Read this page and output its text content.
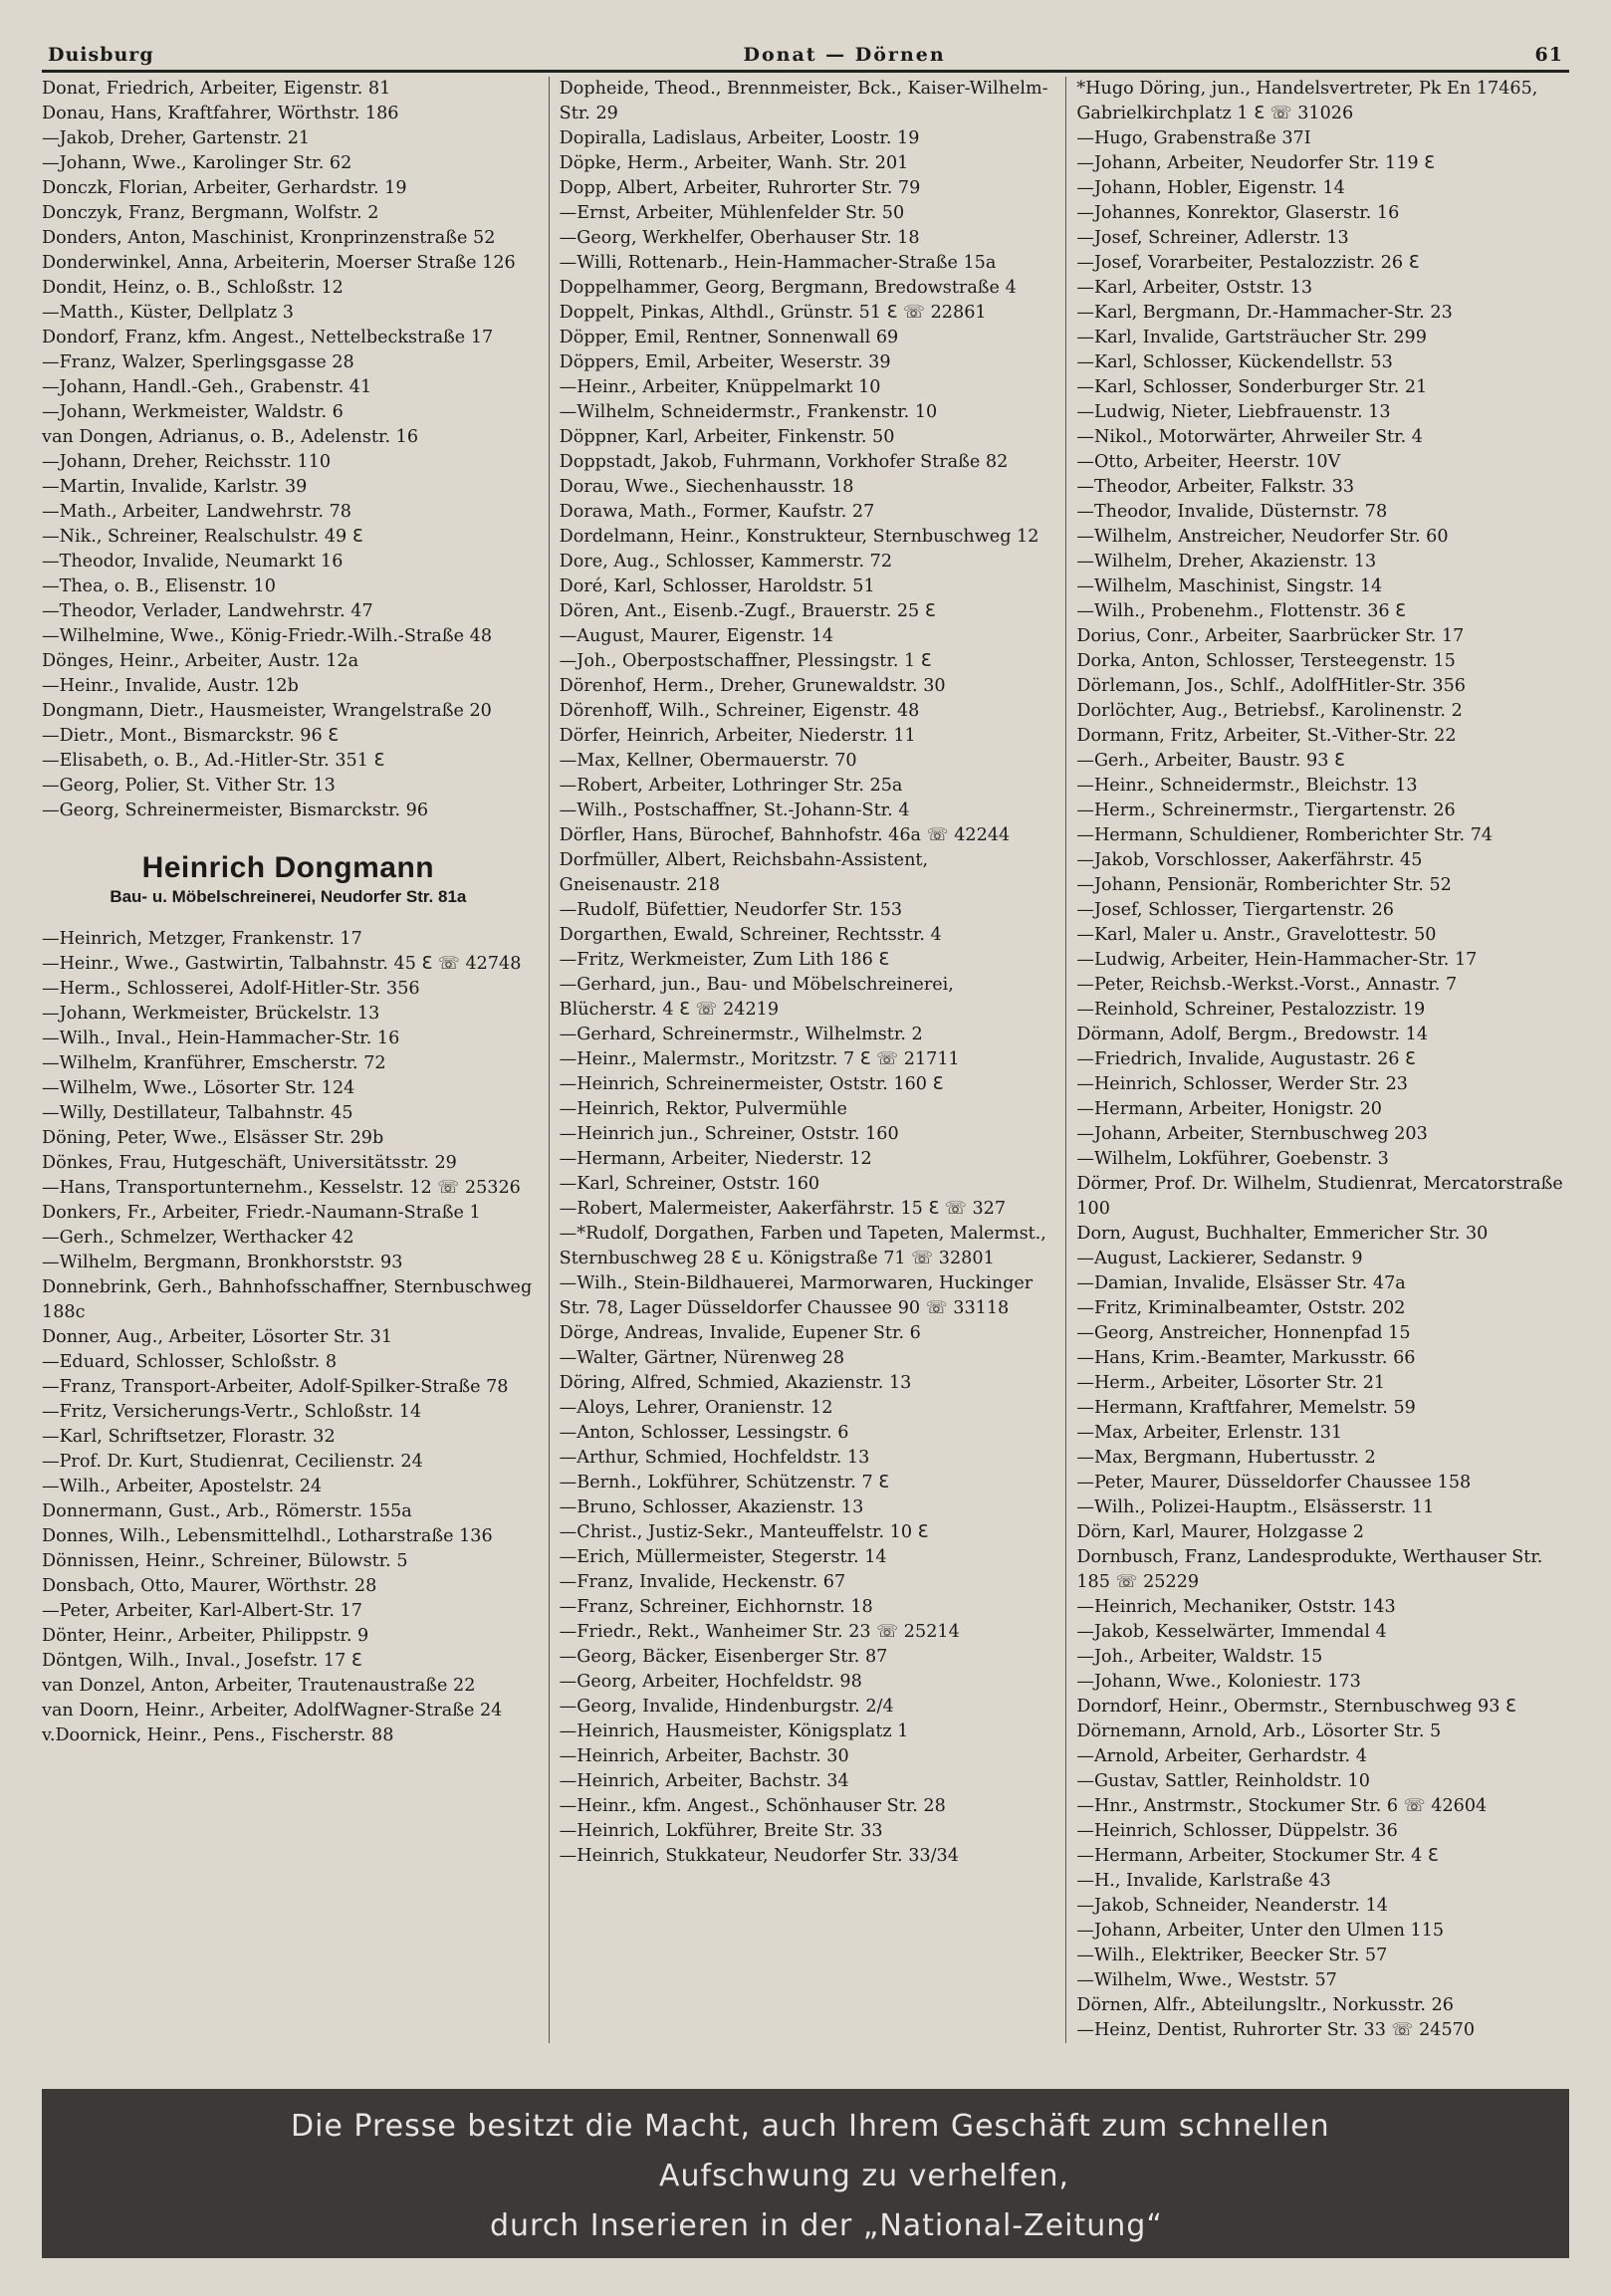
Duisburg	Donat — Dörnen	61

Donat, Friedrich, Arbeiter, Eigenstr. 81

Donau, Hans, Kraftfahrer, Wörthstr. 186

—Jakob, Dreher, Gartenstr. 21

—Johann, Wwe., Karolinger Str. 62

Donczk, Florian, Arbeiter, Gerhardstr. 19

Donczyk, Franz, Bergmann, Wolfstr. 2

Donders, Anton, Maschinist, Kronprinzenstraße 52

Donderwinkel, Anna, Arbeiterin, Moerser Straße 126

Dondit, Heinz, o. B., Schloßstr. 12

—Matth., Küster, Dellplatz 3

Dondorf, Franz, kfm. Angest., Nettelbeckstraße 17

—Franz, Walzer, Sperlingsgasse 28

—Johann, Handl.-Geh., Grabenstr. 41

—Johann, Werkmeister, Waldstr. 6

van Dongen, Adrianus, o. B., Adelenstr. 16

—Johann, Dreher, Reichsstr. 110

—Martin, Invalide, Karlstr. 39

—Math., Arbeiter, Landwehrstr. 78

—Nik., Schreiner, Realschulstr. 49 ℇ

—Theodor, Invalide, Neumarkt 16

—Thea, o. B., Elisenstr. 10

—Theodor, Verlader, Landwehrstr. 47

—Wilhelmine, Wwe., König-Friedr.-Wilh.-Straße 48

Dönges, Heinr., Arbeiter, Austr. 12a

—Heinr., Invalide, Austr. 12b

Dongmann, Dietr., Hausmeister, Wrangelstraße 20

—Dietr., Mont., Bismarckstr. 96 ℇ

—Elisabeth, o. B., Ad.-Hitler-Str. 351 ℇ

—Georg, Polier, St. Vither Str. 13

—Georg, Schreinermeister, Bismarckstr. 96

Heinrich Dongmann
Bau- u. Möbelschreinerei, Neudorfer Str. 81a

—Heinrich, Metzger, Frankenstr. 17

—Heinr., Wwe., Gastwirtin, Talbahnstr. 45 ℇ ☏ 42748

—Herm., Schlosserei, Adolf-Hitler-Str. 356

—Johann, Werkmeister, Brückelstr. 13

—Wilh., Inval., Hein-Hammacher-Str. 16

—Wilhelm, Kranführer, Emscherstr. 72

—Wilhelm, Wwe., Lösorter Str. 124

—Willy, Destillateur, Talbahnstr. 45

Döning, Peter, Wwe., Elsässer Str. 29b

Dönkes, Frau, Hutgeschäft, Universitätsstr. 29

—Hans, Transportunternehm., Kesselstr. 12 ☏ 25326

Donkers, Fr., Arbeiter, Friedr.-Naumann-Straße 1

—Gerh., Schmelzer, Werthacker 42

—Wilhelm, Bergmann, Bronkhorststr. 93

Donnebrink, Gerh., Bahnhofsschaffner, Sternbuschweg 188c

Donner, Aug., Arbeiter, Lösorter Str. 31

—Eduard, Schlosser, Schloßstr. 8

—Franz, Transport-Arbeiter, Adolf-Spilker-Straße 78

—Fritz, Versicherungs-Vertr., Schloßstr. 14

—Karl, Schriftsetzer, Florastr. 32

—Prof. Dr. Kurt, Studienrat, Cecilienstr. 24

—Wilh., Arbeiter, Apostelstr. 24

Donnermann, Gust., Arb., Römerstr. 155a

Donnes, Wilh., Lebensmittelhdl., Lotharstraße 136

Dönnissen, Heinr., Schreiner, Bülowstr. 5

Donsbach, Otto, Maurer, Wörthstr. 28

—Peter, Arbeiter, Karl-Albert-Str. 17

Dönter, Heinr., Arbeiter, Philippstr. 9

Döntgen, Wilh., Inval., Josefstr. 17 ℇ

van Donzel, Anton, Arbeiter, Trautenaustraße 22

van Doorn, Heinr., Arbeiter, AdolfWagner-Straße 24

v.Doornick, Heinr., Pens., Fischerstr. 88

Dopheide, Theod., Brennmeister, Bck., Kaiser-Wilhelm-Str. 29

Dopiralla, Ladislaus, Arbeiter, Loostr. 19

Döpke, Herm., Arbeiter, Wanh. Str. 201

Dopp, Albert, Arbeiter, Ruhrorter Str. 79

—Ernst, Arbeiter, Mühlenfelder Str. 50

—Georg, Werkhelfer, Oberhauser Str. 18

—Willi, Rottenarb., Hein-Hammacher-Straße 15a

Doppelhammer, Georg, Bergmann, Bredowstraße 4

Doppelt, Pinkas, Althdl., Grünstr. 51 ℇ ☏ 22861

Döpper, Emil, Rentner, Sonnenwall 69

Döppers, Emil, Arbeiter, Weserstr. 39

—Heinr., Arbeiter, Knüppelmarkt 10

—Wilhelm, Schneidermstr., Frankenstr. 10

Döppner, Karl, Arbeiter, Finkenstr. 50

Doppstadt, Jakob, Fuhrmann, Vorkhofer Straße 82

Dorau, Wwe., Siechenhausstr. 18

Dorawa, Math., Former, Kaufstr. 27

Dordelmann, Heinr., Konstrukteur, Sternbuschweg 12

Dore, Aug., Schlosser, Kammerstr. 72

Doré, Karl, Schlosser, Haroldstr. 51

Dören, Ant., Eisenb.-Zugf., Brauerstr. 25 ℇ

—August, Maurer, Eigenstr. 14

—Joh., Oberpostschaffner, Plessingstr. 1 ℇ

Dörenhof, Herm., Dreher, Grunewaldstr. 30

Dörenhoff, Wilh., Schreiner, Eigenstr. 48

Dörfer, Heinrich, Arbeiter, Niederstr. 11

—Max, Kellner, Obermauerstr. 70

—Robert, Arbeiter, Lothringer Str. 25a

—Wilh., Postschaffner, St.-Johann-Str. 4

Dörfler, Hans, Bürochef, Bahnhofstr. 46a ☏ 42244

Dorfmüller, Albert, Reichsbahn-Assistent, Gneisenaustr. 218

—Rudolf, Büfettier, Neudorfer Str. 153

Dorgarthen, Ewald, Schreiner, Rechtsstr. 4

—Fritz, Werkmeister, Zum Lith 186 ℇ

—Gerhard, jun., Bau- und Möbelschreinerei, Blücherstr. 4 ℇ ☏ 24219

—Gerhard, Schreinermstr., Wilhelmstr. 2

—Heinr., Malermstr., Moritzstr. 7 ℇ ☏ 21711

—Heinrich, Schreinermeister, Oststr. 160 ℇ

—Heinrich, Rektor, Pulvermühle

—Heinrich jun., Schreiner, Oststr. 160

—Hermann, Arbeiter, Niederstr. 12

—Karl, Schreiner, Oststr. 160

—Robert, Malermeister, Aakerfährstr. 15 ℇ ☏ 327

—*Rudolf, Dorgathen, Farben und Tapeten, Malermst., Sternbuschweg 28 ℇ u. Königstraße 71 ☏ 32801

—Wilh., Stein-Bildhauerei, Marmorwaren, Huckinger Str. 78, Lager Düsseldorfer Chaussee 90 ☏ 33118

Dörge, Andreas, Invalide, Eupener Str. 6

—Walter, Gärtner, Nürenweg 28

Döring, Alfred, Schmied, Akazienstr. 13

—Aloys, Lehrer, Oranienstr. 12

—Anton, Schlosser, Lessingstr. 6

—Arthur, Schmied, Hochfeldstr. 13

—Bernh., Lokführer, Schützenstr. 7 ℇ

—Bruno, Schlosser, Akazienstr. 13

—Christ., Justiz-Sekr., Manteuffelstr. 10 ℇ

—Erich, Müllermeister, Stegerstr. 14

—Franz, Invalide, Heckenstr. 67

—Franz, Schreiner, Eichhornstr. 18

—Friedr., Rekt., Wanheimer Str. 23 ☏ 25214

—Georg, Bäcker, Eisenberger Str. 87

—Georg, Arbeiter, Hochfeldstr. 98

—Georg, Invalide, Hindenburgstr. 2/4

—Heinrich, Hausmeister, Königsplatz 1

—Heinrich, Arbeiter, Bachstr. 30

—Heinrich, Arbeiter, Bachstr. 34

—Heinr., kfm. Angest., Schönhauser Str. 28

—Heinrich, Lokführer, Breite Str. 33

—Heinrich, Stukkateur, Neudorfer Str. 33/34

*Hugo Döring, jun., Handelsvertreter, Pk En 17465, Gabrielkirchplatz 1 ℇ ☏ 31026

—Hugo, Grabenstraße 37I

—Johann, Arbeiter, Neudorfer Str. 119 ℇ

—Johann, Hobler, Eigenstr. 14

—Johannes, Konrektor, Glaserstr. 16

—Josef, Schreiner, Adlerstr. 13

—Josef, Vorarbeiter, Pestalozzistr. 26 ℇ

—Karl, Arbeiter, Oststr. 13

—Karl, Bergmann, Dr.-Hammacher-Str. 23

—Karl, Invalide, Gartsträucher Str. 299

—Karl, Schlosser, Kückendellstr. 53

—Karl, Schlosser, Sonderburger Str. 21

—Ludwig, Nieter, Liebfrauenstr. 13

—Nikol., Motorwärter, Ahrweiler Str. 4

—Otto, Arbeiter, Heerstr. 10V

—Theodor, Arbeiter, Falkstr. 33

—Theodor, Invalide, Düsternstr. 78

—Wilhelm, Anstreicher, Neudorfer Str. 60

—Wilhelm, Dreher, Akazienstr. 13

—Wilhelm, Maschinist, Singstr. 14

—Wilh., Probenehm., Flottenstr. 36 ℇ

Dorius, Conr., Arbeiter, Saarbrücker Str. 17

Dorka, Anton, Schlosser, Tersteegenstr. 15

Dörlemann, Jos., Schlf., AdolfHitler-Str. 356

Dorlöchter, Aug., Betriebsf., Karolinenstr. 2

Dormann, Fritz, Arbeiter, St.-Vither-Str. 22

—Gerh., Arbeiter, Baustr. 93 ℇ

—Heinr., Schneidermstr., Bleichstr. 13

—Herm., Schreinermstr., Tiergartenstr. 26

—Hermann, Schuldiener, Romberichter Str. 74

—Jakob, Vorschlosser, Aakerfährstr. 45

—Johann, Pensionär, Romberichter Str. 52

—Josef, Schlosser, Tiergartenstr. 26

—Karl, Maler u. Anstr., Gravelottestr. 50

—Ludwig, Arbeiter, Hein-Hammacher-Str. 17

—Peter, Reichsb.-Werkst.-Vorst., Annastr. 7

—Reinhold, Schreiner, Pestalozzistr. 19

Dörmann, Adolf, Bergm., Bredowstr. 14

—Friedrich, Invalide, Augustastr. 26 ℇ

—Heinrich, Schlosser, Werder Str. 23

—Hermann, Arbeiter, Honigstr. 20

—Johann, Arbeiter, Sternbuschweg 203

—Wilhelm, Lokführer, Goebenstr. 3

Dörmer, Prof. Dr. Wilhelm, Studienrat, Mercatorstraße 100

Dorn, August, Buchhalter, Emmericher Str. 30

—August, Lackierer, Sedanstr. 9

—Damian, Invalide, Elsässer Str. 47a

—Fritz, Kriminalbeamter, Oststr. 202

—Georg, Anstreicher, Honnenpfad 15

—Hans, Krim.-Beamter, Markusstr. 66

—Herm., Arbeiter, Lösorter Str. 21

—Hermann, Kraftfahrer, Memelstr. 59

—Max, Arbeiter, Erlenstr. 131

—Max, Bergmann, Hubertusstr. 2

—Peter, Maurer, Düsseldorfer Chaussee 158

—Wilh., Polizei-Hauptm., Elsässerstr. 11

Dörn, Karl, Maurer, Holzgasse 2

Dornbusch, Franz, Landesprodukte, Werthauser Str. 185 ☏ 25229

—Heinrich, Mechaniker, Oststr. 143

—Jakob, Kesselwärter, Immendal 4

—Joh., Arbeiter, Waldstr. 15

—Johann, Wwe., Koloniestr. 173

Dorndorf, Heinr., Obermstr., Sternbuschweg 93 ℇ

Dörnemann, Arnold, Arb., Lösorter Str. 5

—Arnold, Arbeiter, Gerhardstr. 4

—Gustav, Sattler, Reinholdstr. 10

—Hnr., Anstrmstr., Stockumer Str. 6 ☏ 42604

—Heinrich, Schlosser, Düppelstr. 36

—Hermann, Arbeiter, Stockumer Str. 4 ℇ

—H., Invalide, Karlstraße 43

—Jakob, Schneider, Neanderstr. 14

—Johann, Arbeiter, Unter den Ulmen 115

—Wilh., Elektriker, Beecker Str. 57

—Wilhelm, Wwe., Weststr. 57

Dörnen, Alfr., Abteilungsltr., Norkusstr. 26

—Heinz, Dentist, Ruhrorter Str. 33 ☏ 24570

Die Presse besitzt die Macht, auch Ihrem Geschäft zum schnellen
Aufschwung zu verhelfen,
durch Inserieren in der „National-Zeitung“
